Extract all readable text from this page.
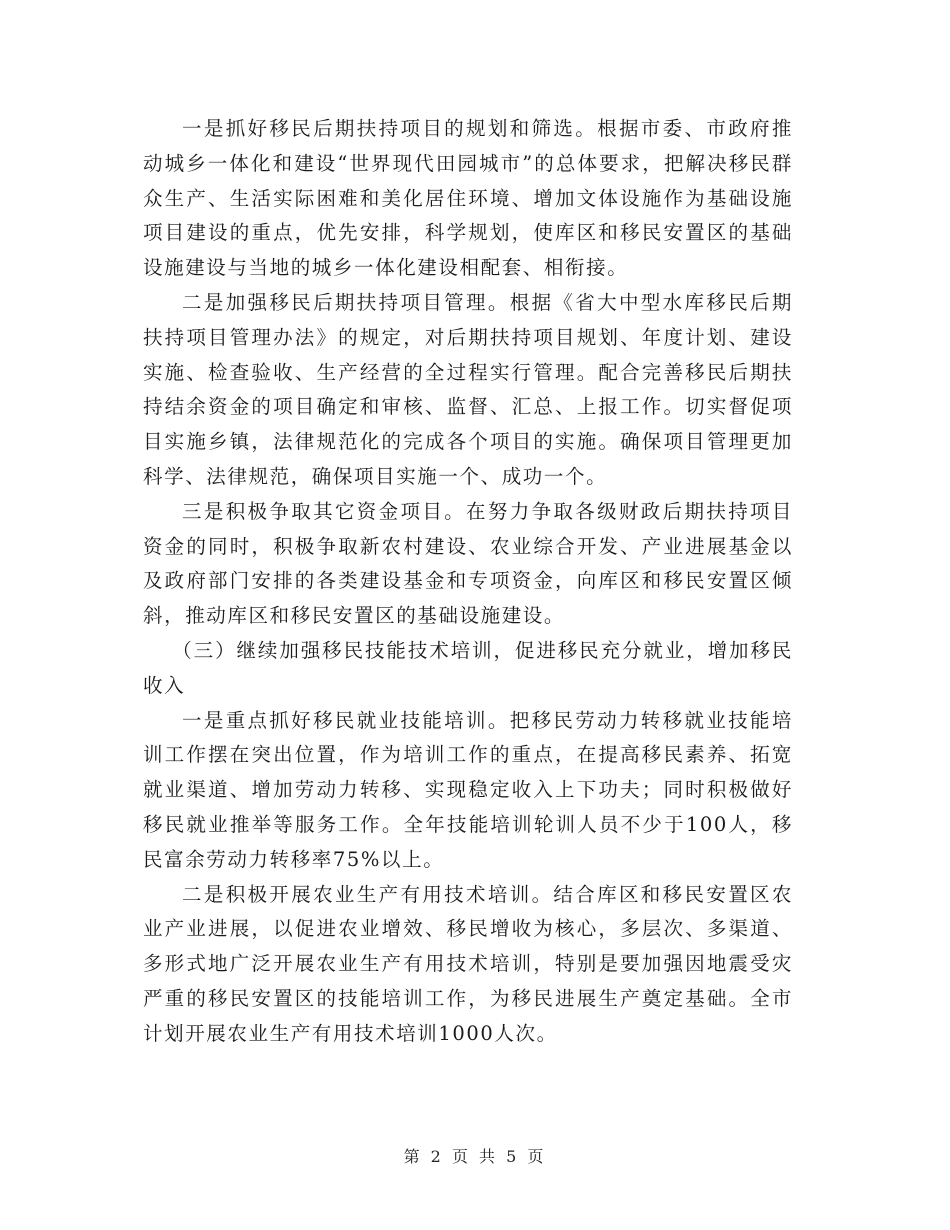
一是抓好移民后期扶持项目的规划和筛选。根据市委、市政府推动城乡一体化和建设“世界现代田园城市”的总体要求，把解决移民群众生产、生活实际困难和美化居住环境、增加文体设施作为基础设施项目建设的重点，优先安排，科学规划，使库区和移民安置区的基础设施建设与当地的城乡一体化建设相配套、相衔接。

二是加强移民后期扶持项目管理。根据《省大中型水库移民后期扶持项目管理办法》的规定，对后期扶持项目规划、年度计划、建设实施、检查验收、生产经营的全过程实行管理。配合完善移民后期扶持结余资金的项目确定和审核、监督、汇总、上报工作。切实督促项目实施乡镇，法律规范化的完成各个项目的实施。确保项目管理更加科学、法律规范，确保项目实施一个、成功一个。

三是积极争取其它资金项目。在努力争取各级财政后期扶持项目资金的同时，积极争取新农村建设、农业综合开发、产业进展基金以及政府部门安排的各类建设基金和专项资金，向库区和移民安置区倾斜，推动库区和移民安置区的基础设施建设。

（三）继续加强移民技能技术培训，促进移民充分就业，增加移民收入

一是重点抓好移民就业技能培训。把移民劳动力转移就业技能培训工作摆在突出位置，作为培训工作的重点，在提高移民素养、拓宽就业渠道、增加劳动力转移、实现稳定收入上下功夫；同时积极做好移民就业推举等服务工作。全年技能培训轮训人员不少于100人，移民富余劳动力转移率75%以上。

二是积极开展农业生产有用技术培训。结合库区和移民安置区农业产业进展，以促进农业增效、移民增收为核心，多层次、多渠道、多形式地广泛开展农业生产有用技术培训，特别是要加强因地震受灾严重的移民安置区的技能培训工作，为移民进展生产奠定基础。全市计划开展农业生产有用技术培训1000人次。

第 2 页 共 5 页
